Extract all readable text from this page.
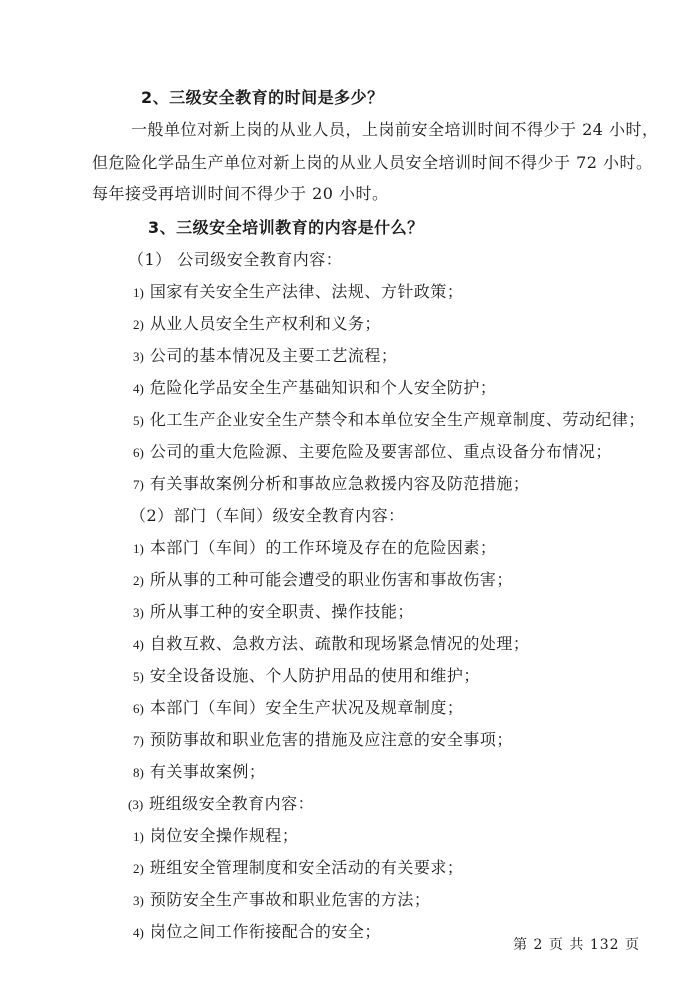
2、三级安全教育的时间是多少？
一般单位对新上岗的从业人员，上岗前安全培训时间不得少于 24 小时，
但危险化学品生产单位对新上岗的从业人员安全培训时间不得少于 72 小时。
每年接受再培训时间不得少于 20 小时。
3、三级安全培训教育的内容是什么？
（1） 公司级安全教育内容：
1) 国家有关安全生产法律、法规、方针政策；
2) 从业人员安全生产权利和义务；
3) 公司的基本情况及主要工艺流程；
4) 危险化学品安全生产基础知识和个人安全防护；
5) 化工生产企业安全生产禁令和本单位安全生产规章制度、劳动纪律；
6) 公司的重大危险源、主要危险及要害部位、重点设备分布情况；
7) 有关事故案例分析和事故应急救援内容及防范措施；
（2）部门（车间）级安全教育内容：
1) 本部门（车间）的工作环境及存在的危险因素；
2) 所从事的工种可能会遭受的职业伤害和事故伤害；
3) 所从事工种的安全职责、操作技能；
4) 自救互救、急救方法、疏散和现场紧急情况的处理；
5) 安全设备设施、个人防护用品的使用和维护；
6) 本部门（车间）安全生产状况及规章制度；
7) 预防事故和职业危害的措施及应注意的安全事项；
8) 有关事故案例；
(3) 班组级安全教育内容：
1) 岗位安全操作规程；
2) 班组安全管理制度和安全活动的有关要求；
3) 预防安全生产事故和职业危害的方法；
4) 岗位之间工作衔接配合的安全；
第 2 页 共 132 页
